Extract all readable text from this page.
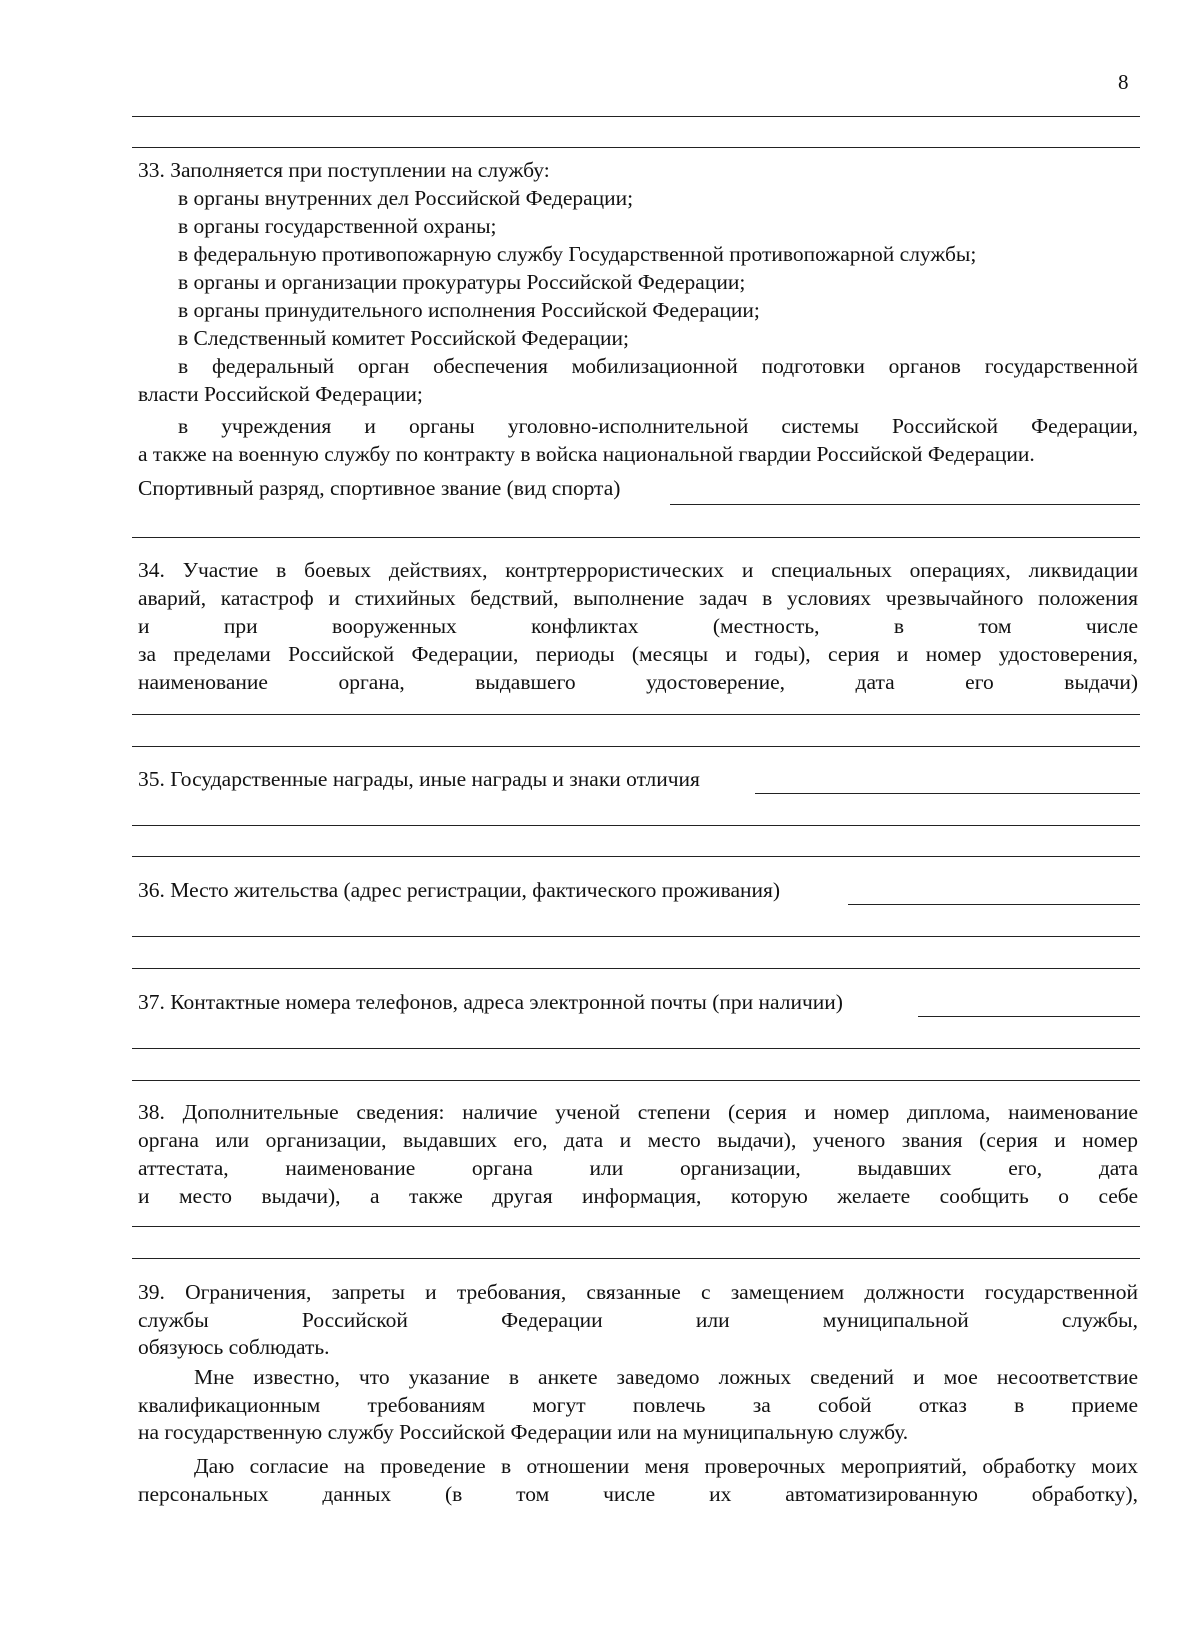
8
33. Заполняется при поступлении на службу:
в органы внутренних дел Российской Федерации;
в органы государственной охраны;
в федеральную противопожарную службу Государственной противопожарной службы;
в органы и организации прокуратуры Российской Федерации;
в органы принудительного исполнения Российской Федерации;
в Следственный комитет Российской Федерации;
в федеральный орган обеспечения мобилизационной подготовки органов государственной
власти Российской Федерации;
в учреждения и органы уголовно-исполнительной системы Российской Федерации,
а также на военную службу по контракту в войска национальной гвардии Российской Федерации.
Спортивный разряд, спортивное звание (вид спорта)
34. Участие в боевых действиях, контртеррористических и специальных операциях, ликвидации
аварий, катастроф и стихийных бедствий, выполнение задач в условиях чрезвычайного положения
и при вооруженных конфликтах (местность, в том числе
за пределами Российской Федерации, периоды (месяцы и годы), серия и номер удостоверения,
наименование органа, выдавшего удостоверение, дата его выдачи)
35. Государственные награды, иные награды и знаки отличия
36. Место жительства (адрес регистрации, фактического проживания)
37. Контактные номера телефонов, адреса электронной почты (при наличии)
38. Дополнительные сведения: наличие ученой степени (серия и номер диплома, наименование
органа или организации, выдавших его, дата и место выдачи), ученого звания (серия и номер
аттестата, наименование органа или организации, выдавших его, дата
и место выдачи), а также другая информация, которую желаете сообщить о себе
39. Ограничения, запреты и требования, связанные с замещением должности государственной
службы Российской Федерации или муниципальной службы,
обязуюсь соблюдать.
Мне известно, что указание в анкете заведомо ложных сведений и мое несоответствие
квалификационным требованиям могут повлечь за собой отказ в приеме
на государственную службу Российской Федерации или на муниципальную службу.
Даю согласие на проведение в отношении меня проверочных мероприятий, обработку моих
персональных данных (в том числе их автоматизированную обработку),
